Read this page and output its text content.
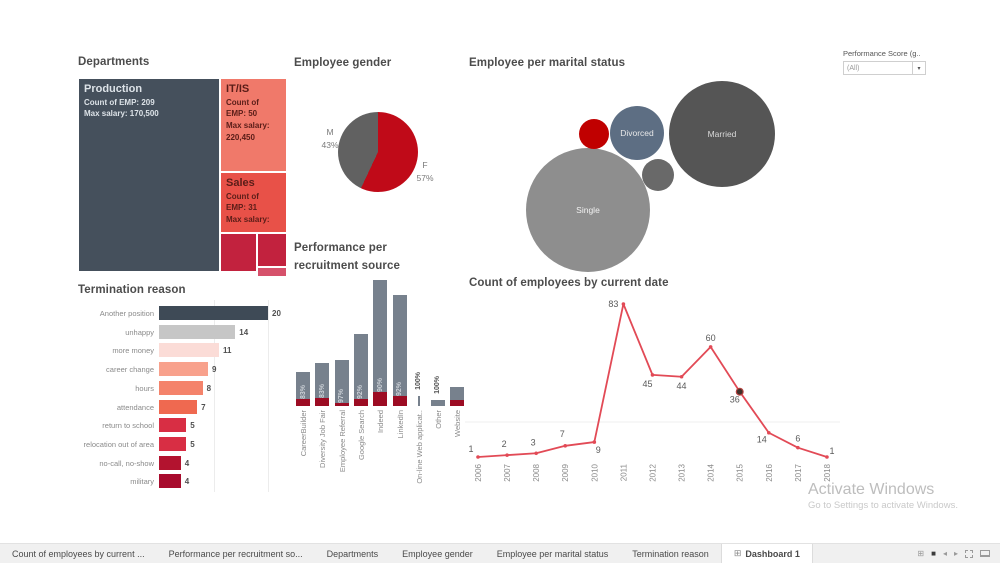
Departments	Employee gender	Employee per marital status
Termination reason
Performance per recruitment source
Count of employees by current date
Performance Score (g..
(All)	▾
Production
Count of EMP: 209
Max salary: 170,500
IT/IS
Count of EMP: 50
Max salary: 220,450
Sales
Count of EMP: 31
Max salary:
M
43%
F
57%
Single
Married
Divorced
Another position	20
unhappy	14
more money	11
career change	9
hours	8
attendance	7
return to school	5
relocation out of area	5
no-call, no-show	4
military	4
83%
CareerBuilder
83%
Diversity Job Fair
97%
Employee Referral
92%
Google Search
90%
Indeed
92%
LinkedIn
100%
On-line Web applicat..
100%
Other Website
1
2006
2
2007
3
2008
7
2009
9
2010
83
2011
45
2012
44
2013
60
2014
36
2015
14
2016
6
2017
1
2018
Activate Windows
Go to Settings to activate Windows.
Count of employees by current ...	Performance per recruitment so...	Departments	Employee gender	Employee per marital status	Termination reason	⊞ Dashboard 1	⊞ ■ ◂ ▸
